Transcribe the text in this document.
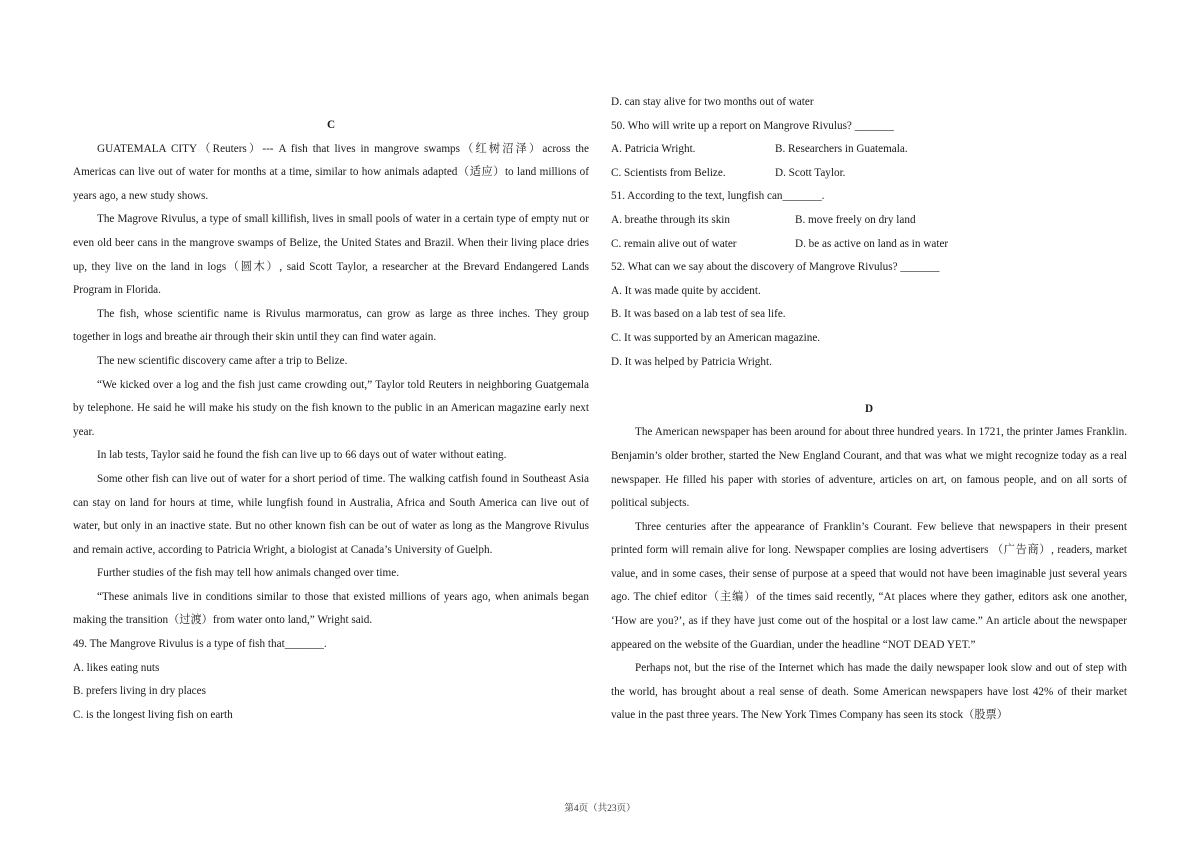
C

GUATEMALA CITY（Reuters）--- A fish that lives in mangrove swamps（红树沼泽）across the Americas can live out of water for months at a time, similar to how animals adapted（适应）to land millions of years ago, a new study shows.

The Magrove Rivulus, a type of small killifish, lives in small pools of water in a certain type of empty nut or even old beer cans in the mangrove swamps of Belize, the United States and Brazil. When their living place dries up, they live on the land in logs（圆木）, said Scott Taylor, a researcher at the Brevard Endangered Lands Program in Florida.

The fish, whose scientific name is Rivulus marmoratus, can grow as large as three inches. They group together in logs and breathe air through their skin until they can find water again.

The new scientific discovery came after a trip to Belize.

“We kicked over a log and the fish just came crowding out,” Taylor told Reuters in neighboring Guatgemala by telephone. He said he will make his study on the fish known to the public in an American magazine early next year.

In lab tests, Taylor said he found the fish can live up to 66 days out of water without eating.

Some other fish can live out of water for a short period of time. The walking catfish found in Southeast Asia can stay on land for hours at time, while lungfish found in Australia, Africa and South America can live out of water, but only in an inactive state. But no other known fish can be out of water as long as the Mangrove Rivulus and remain active, according to Patricia Wright, a biologist at Canada’s University of Guelph.

Further studies of the fish may tell how animals changed over time.

“These animals live in conditions similar to those that existed millions of years ago, when animals began making the transition（过渡）from water onto land,” Wright said.

49. The Mangrove Rivulus is a type of fish that_______.

A. likes eating nuts

B. prefers living in dry places

C. is the longest living fish on earth

D. can stay alive for two months out of water

50. Who will write up a report on Mangrove Rivulus? _______

A. Patricia Wright.	B. Researchers in Guatemala.
C. Scientists from Belize.	D. Scott Taylor.

51. According to the text, lungfish can_______.

A. breathe through its skin	B. move freely on dry land
C. remain alive out of water	D. be as active on land as in water

52. What can we say about the discovery of Mangrove Rivulus? _______

A. It was made quite by accident.

B. It was based on a lab test of sea life.

C. It was supported by an American magazine.

D. It was helped by Patricia Wright.

D

The American newspaper has been around for about three hundred years. In 1721, the printer James Franklin. Benjamin’s older brother, started the New England Courant, and that was what we might recognize today as a real newspaper. He filled his paper with stories of adventure, articles on art, on famous people, and on all sorts of political subjects.

Three centuries after the appearance of Franklin’s Courant. Few believe that newspapers in their present printed form will remain alive for long. Newspaper complies are losing advertisers （广告商）, readers, market value, and in some cases, their sense of purpose at a speed that would not have been imaginable just several years ago. The chief editor（主编）of the times said recently, “At places where they gather, editors ask one another, ‘How are you?’, as if they have just come out of the hospital or a lost law came.” An article about the newspaper appeared on the website of the Guardian, under the headline “NOT DEAD YET.”

Perhaps not, but the rise of the Internet which has made the daily newspaper look slow and out of step with the world, has brought about a real sense of death. Some American newspapers have lost 42% of their market value in the past three years. The New York Times Company has seen its stock（股票）

第4页（共23页）
